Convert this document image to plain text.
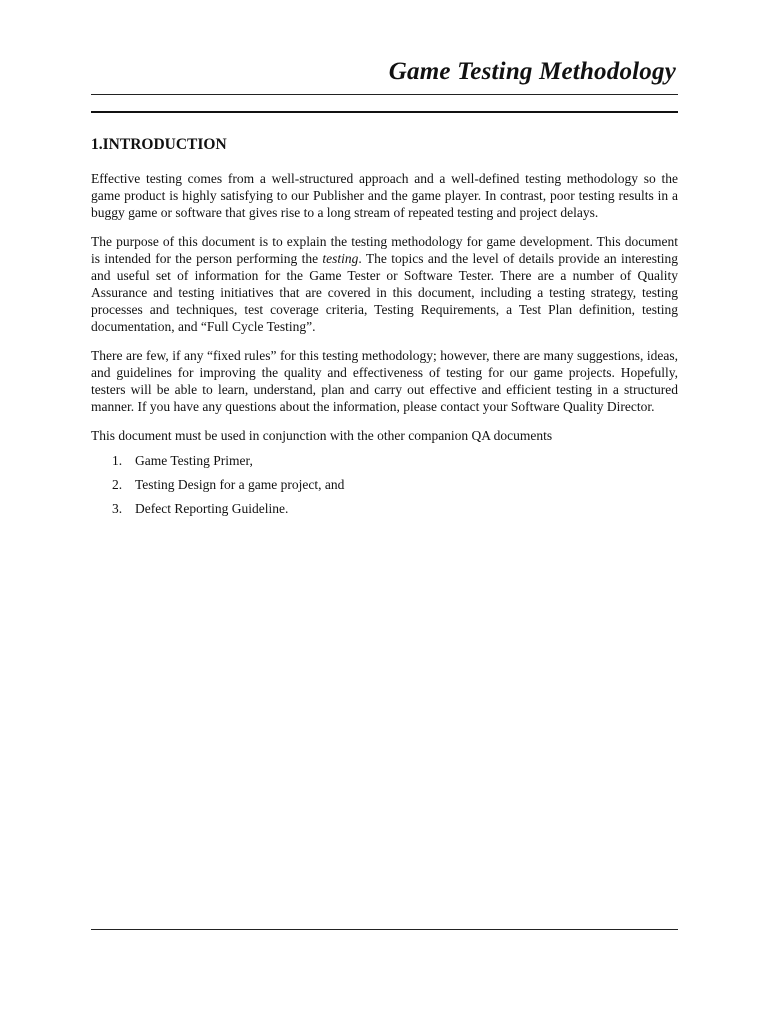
Game Testing Methodology
1.INTRODUCTION

Effective testing comes from a well-structured approach and a well-defined testing methodology so the game product is highly satisfying to our Publisher and the game player. In contrast, poor testing results in a buggy game or software that gives rise to a long stream of repeated testing and project delays.

The purpose of this document is to explain the testing methodology for game development. This document is intended for the person performing the testing. The topics and the level of details provide an interesting and useful set of information for the Game Tester or Software Tester. There are a number of Quality Assurance and testing initiatives that are covered in this document, including a testing strategy, testing processes and techniques, test coverage criteria, Testing Requirements, a Test Plan definition, testing documentation, and “Full Cycle Testing”.

There are few, if any “fixed rules” for this testing methodology; however, there are many suggestions, ideas, and guidelines for improving the quality and effectiveness of testing for our game projects. Hopefully, testers will be able to learn, understand, plan and carry out effective and efficient testing in a structured manner. If you have any questions about the information, please contact your Software Quality Director.

This document must be used in conjunction with the other companion QA documents

1. Game Testing Primer,
2. Testing Design for a game project, and
3. Defect Reporting Guideline.
